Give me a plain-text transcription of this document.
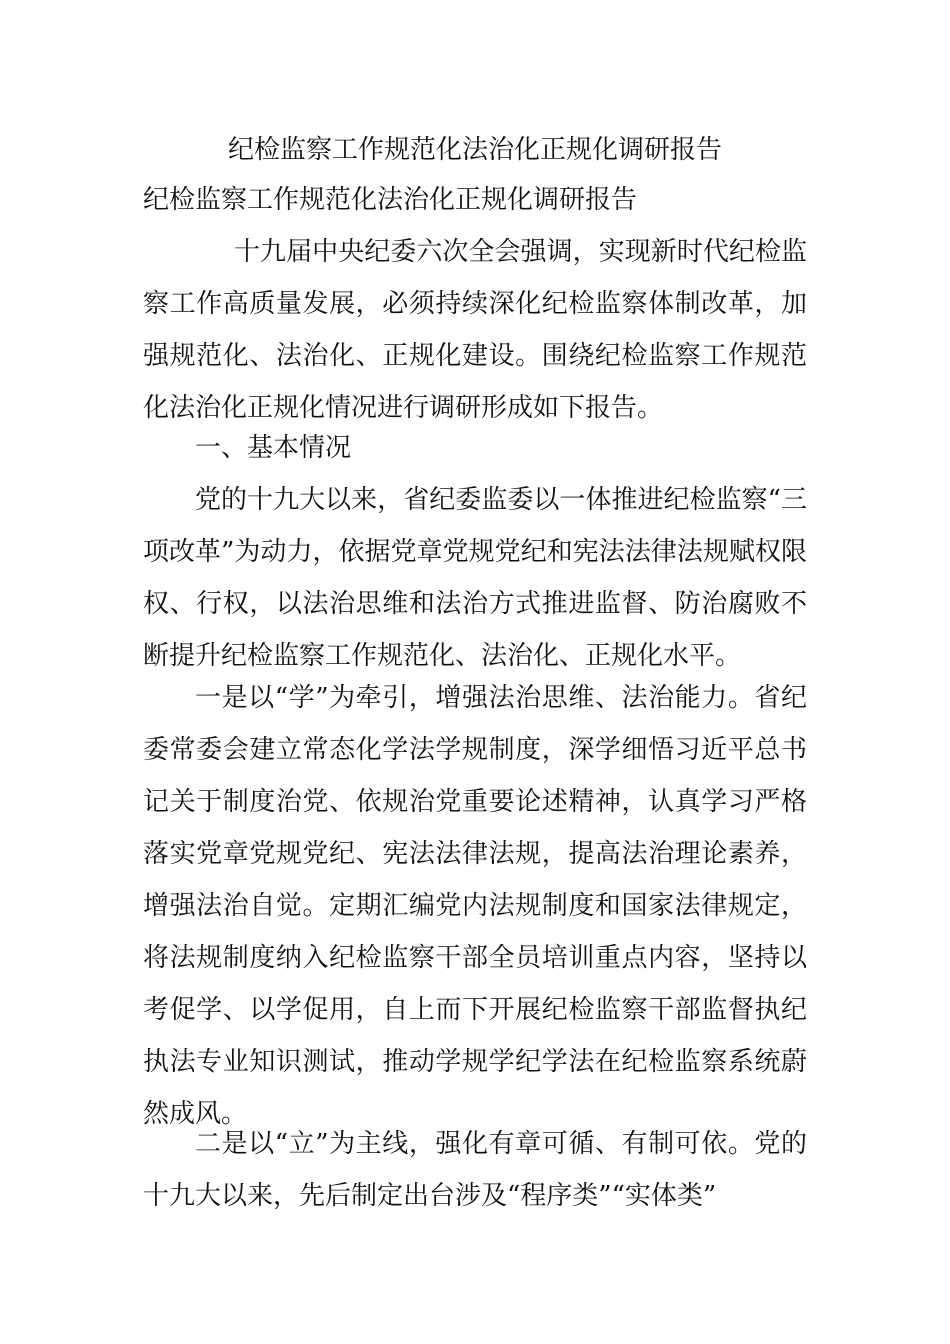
纪检监察工作规范化法治化正规化调研报告
纪检监察工作规范化法治化正规化调研报告

十九届中央纪委六次全会强调，实现新时代纪检监察工作高质量发展，必须持续深化纪检监察体制改革，加强规范化、法治化、正规化建设。围绕纪检监察工作规范化法治化正规化情况进行调研形成如下报告。

一、基本情况

党的十九大以来，省纪委监委以一体推进纪检监察“三项改革”为动力，依据党章党规党纪和宪法法律法规赋权限权、行权，以法治思维和法治方式推进监督、防治腐败不断提升纪检监察工作规范化、法治化、正规化水平。

一是以“学”为牵引，增强法治思维、法治能力。省纪委常委会建立常态化学法学规制度，深学细悟习近平总书记关于制度治党、依规治党重要论述精神，认真学习严格落实党章党规党纪、宪法法律法规，提高法治理论素养，增强法治自觉。定期汇编党内法规制度和国家法律规定，将法规制度纳入纪检监察干部全员培训重点内容，坚持以考促学、以学促用，自上而下开展纪检监察干部监督执纪执法专业知识测试，推动学规学纪学法在纪检监察系统蔚然成风。

二是以“立”为主线，强化有章可循、有制可依。党的十九大以来，先后制定出台涉及“程序类”“实体类”
